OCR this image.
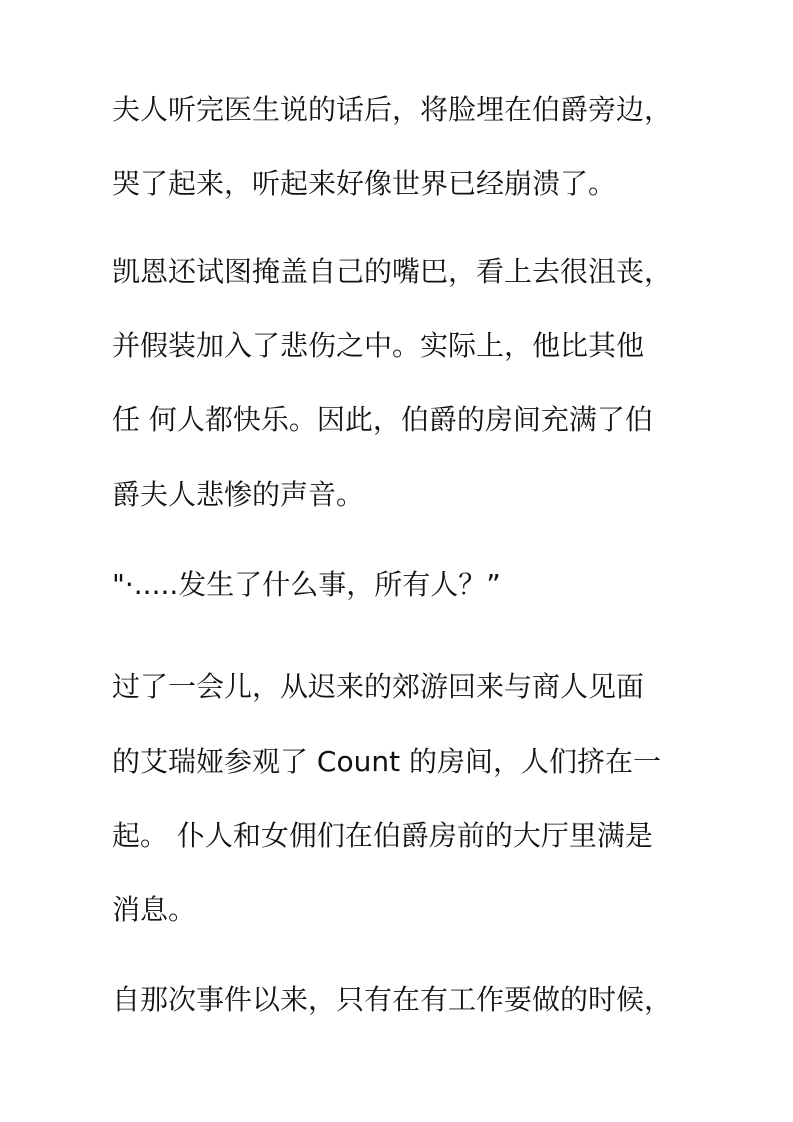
夫人听完医生说的话后，将脸埋在伯爵旁边，

哭了起来，听起来好像世界已经崩溃了。

凯恩还试图掩盖自己的嘴巴，看上去很沮丧，

并假装加入了悲伤之中。实际上，他比其他

任 何人都快乐。因此，伯爵的房间充满了伯

爵夫人悲惨的声音。

"·.....发生了什么事，所有人？”

过了一会儿，从迟来的郊游回来与商人见面

的艾瑞娅参观了 Count 的房间，人们挤在一

起。 仆人和女佣们在伯爵房前的大厅里满是

消息。

自那次事件以来，只有在有工作要做的时候，
